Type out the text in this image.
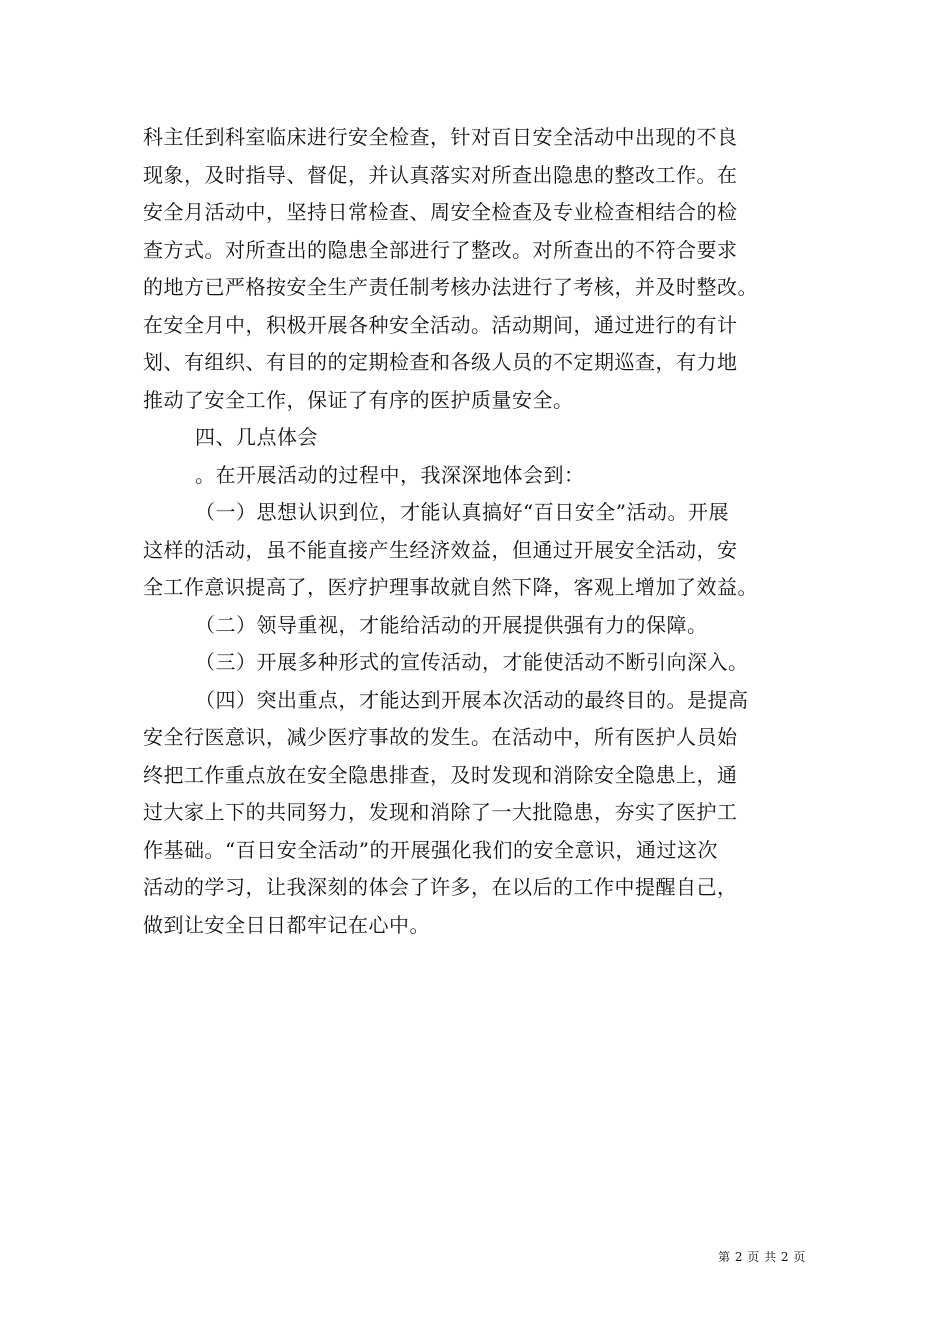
科主任到科室临床进行安全检查，针对百日安全活动中出现的不良
现象，及时指导、督促，并认真落实对所查出隐患的整改工作。在
安全月活动中，坚持日常检查、周安全检查及专业检查相结合的检
查方式。对所查出的隐患全部进行了整改。对所查出的不符合要求
的地方已严格按安全生产责任制考核办法进行了考核，并及时整改。
在安全月中，积极开展各种安全活动。活动期间，通过进行的有计
划、有组织、有目的的定期检查和各级人员的不定期巡查，有力地
推动了安全工作，保证了有序的医护质量安全。
四、几点体会
。在开展活动的过程中，我深深地体会到：
（一）思想认识到位，才能认真搞好“百日安全”活动。开展
这样的活动，虽不能直接产生经济效益，但通过开展安全活动，安
全工作意识提高了，医疗护理事故就自然下降，客观上增加了效益。
（二）领导重视，才能给活动的开展提供强有力的保障。
（三）开展多种形式的宣传活动，才能使活动不断引向深入。
（四）突出重点，才能达到开展本次活动的最终目的。是提高
安全行医意识，减少医疗事故的发生。在活动中，所有医护人员始
终把工作重点放在安全隐患排查，及时发现和消除安全隐患上，通
过大家上下的共同努力，发现和消除了一大批隐患，夯实了医护工
作基础。“百日安全活动”的开展强化我们的安全意识，通过这次
活动的学习，让我深刻的体会了许多，在以后的工作中提醒自己，
做到让安全日日都牢记在心中。
第 2 页 共 2 页
